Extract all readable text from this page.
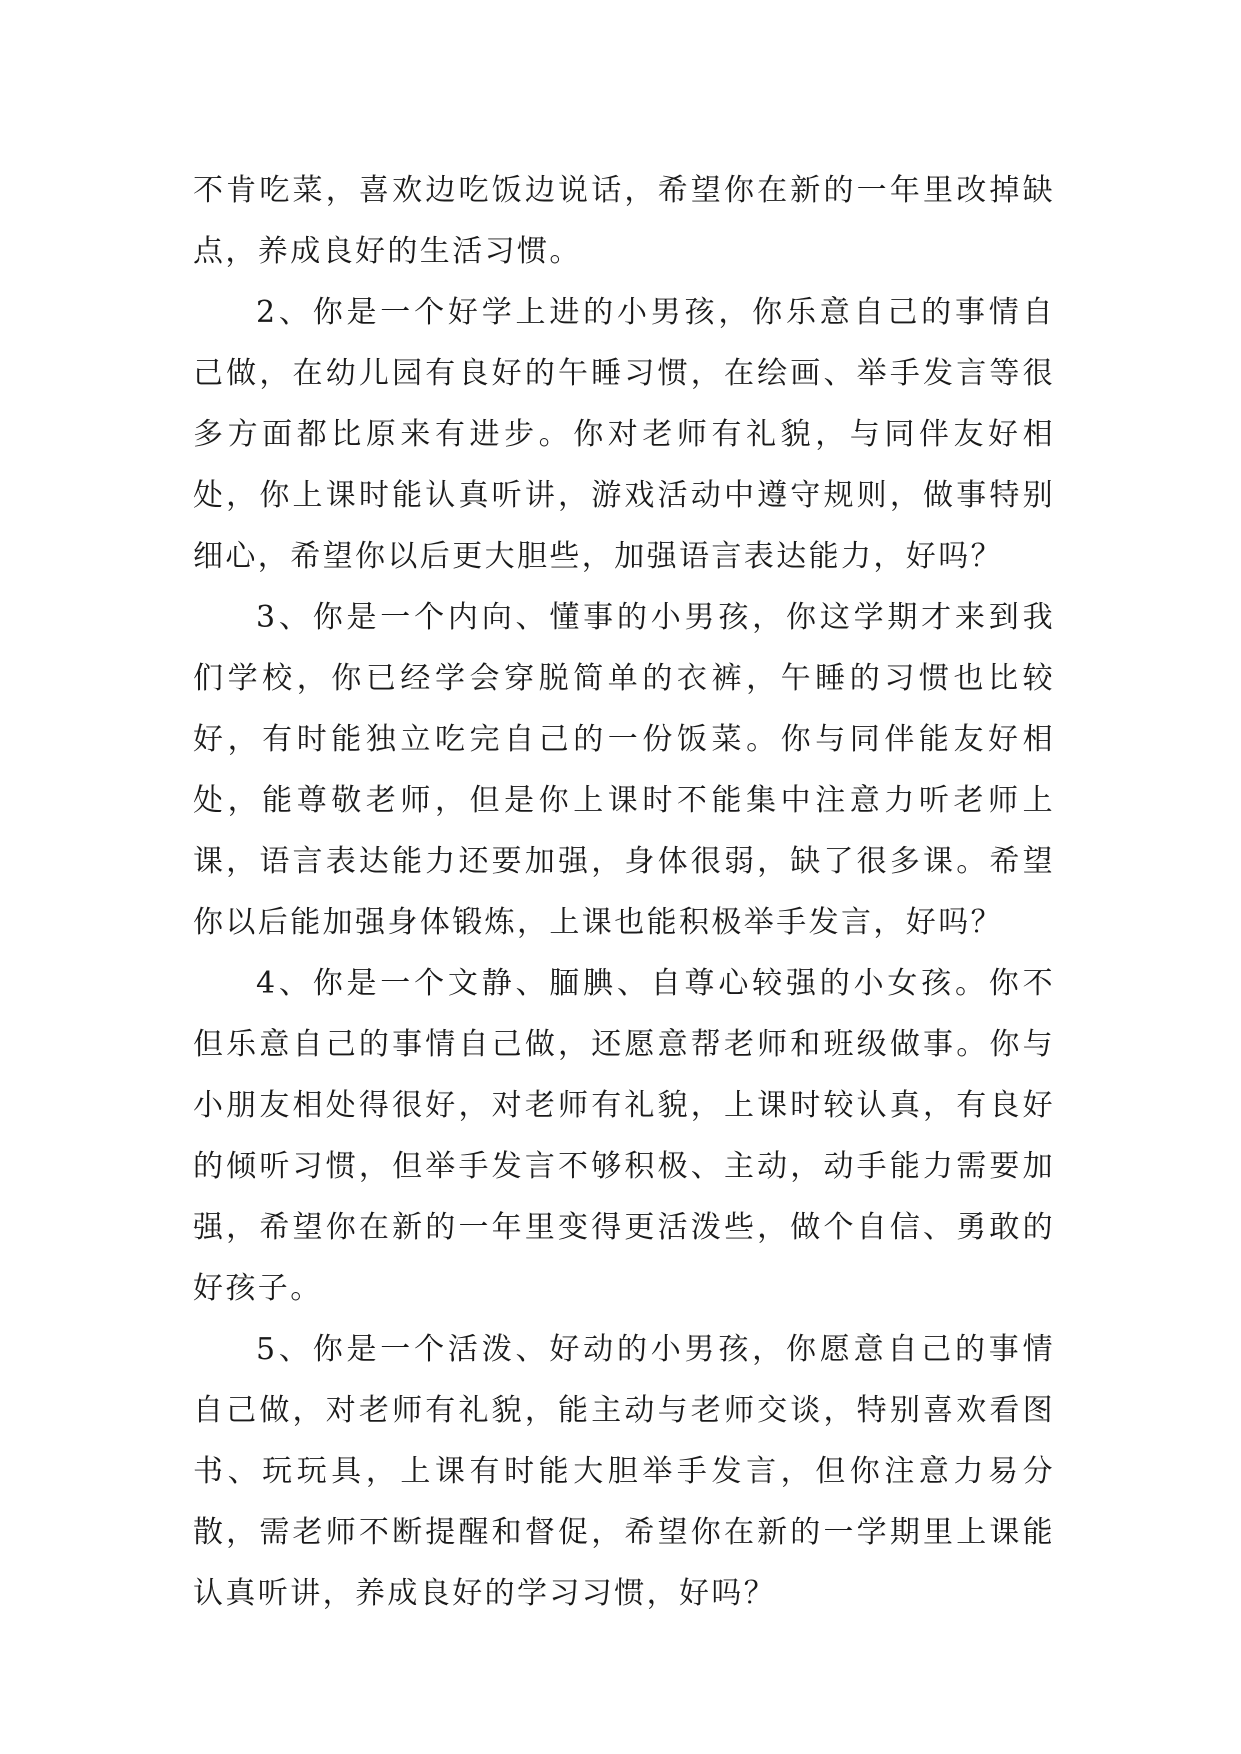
不肯吃菜，喜欢边吃饭边说话，希望你在新的一年里改掉缺点，养成良好的生活习惯。

2、你是一个好学上进的小男孩，你乐意自己的事情自己做，在幼儿园有良好的午睡习惯，在绘画、举手发言等很多方面都比原来有进步。你对老师有礼貌，与同伴友好相处，你上课时能认真听讲，游戏活动中遵守规则，做事特别细心，希望你以后更大胆些，加强语言表达能力，好吗？

3、你是一个内向、懂事的小男孩，你这学期才来到我们学校，你已经学会穿脱简单的衣裤，午睡的习惯也比较好，有时能独立吃完自己的一份饭菜。你与同伴能友好相处，能尊敬老师，但是你上课时不能集中注意力听老师上课，语言表达能力还要加强，身体很弱，缺了很多课。希望你以后能加强身体锻炼，上课也能积极举手发言，好吗？

4、你是一个文静、腼腆、自尊心较强的小女孩。你不但乐意自己的事情自己做，还愿意帮老师和班级做事。你与小朋友相处得很好，对老师有礼貌，上课时较认真，有良好的倾听习惯，但举手发言不够积极、主动，动手能力需要加强，希望你在新的一年里变得更活泼些，做个自信、勇敢的好孩子。

5、你是一个活泼、好动的小男孩，你愿意自己的事情自己做，对老师有礼貌，能主动与老师交谈，特别喜欢看图书、玩玩具，上课有时能大胆举手发言，但你注意力易分散，需老师不断提醒和督促，希望你在新的一学期里上课能认真听讲，养成良好的学习习惯，好吗？
